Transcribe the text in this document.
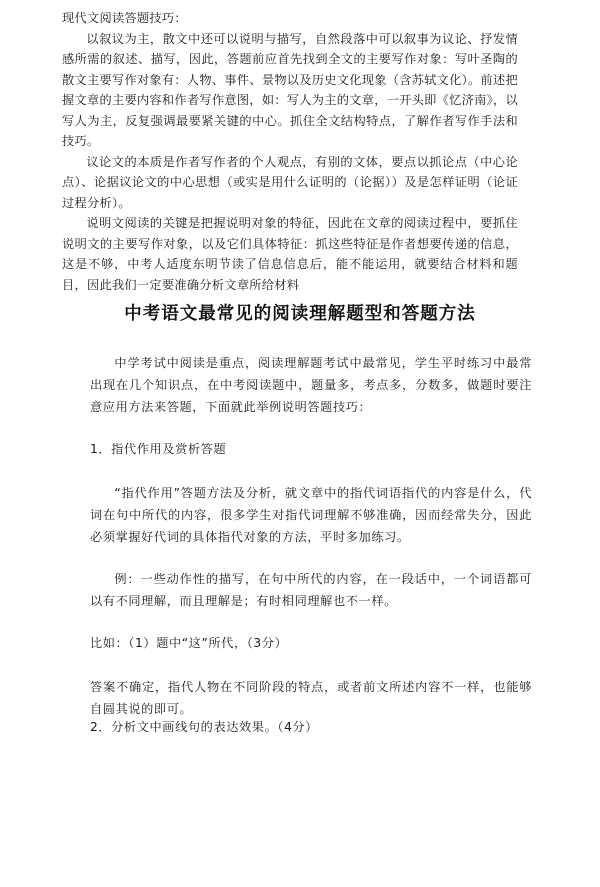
现代文阅读答题技巧：

以叙议为主，散文中还可以说明与描写，自然段落中可以叙事为议论、抒发情感所需的叙述、描写，因此，答题前应首先找到全文的主要写作对象：写叶圣陶的散文主要写作对象有：人物、事件、景物以及历史文化现象（含苏轼文化）。前述把握文章的主要内容和作者写作意图，如：写人为主的文章，一开头即《忆济南》，以写人为主，反复强调最要紧关键的中心。抓住全文结构特点，了解作者写作手法和技巧。

议论文的本质是作者写作者的个人观点，有别的文体，要点以抓论点（中心论点）、论据议论文的中心思想（或实是用什么证明的（论据））及是怎样证明（论证过程分析）。

说明文阅读的关键是把握说明对象的特征，因此在文章的阅读过程中，要抓住说明文的主要写作对象，以及它们具体特征：抓这些特征是作者想要传递的信息，这是不够，中考人适度东明节读了信息信息后，能不能运用，就要结合材料和题目，因此我们一定要准确分析文章所给材料

中考语文最常见的阅读理解题型和答题方法

中学考试中阅读是重点，阅读理解题考试中最常见，学生平时练习中最常出现在几个知识点，在中考阅读题中，题量多，考点多，分数多，做题时要注意应用方法来答题，下面就此举例说明答题技巧：

1．指代作用及赏析答题

“指代作用”答题方法及分析，就文章中的指代词语指代的内容是什么，代词在句中所代的内容，很多学生对指代词理解不够准确，因而经常失分，因此必须掌握好代词的具体指代对象的方法，平时多加练习。

例：一些动作性的描写，在句中所代的内容，在一段话中，一个词语都可以有不同理解，而且理解是；有时相同理解也不一样。

比如：（1）题中“这”所代，（3分）

答案不确定，指代人物在不同阶段的特点，或者前文所述内容不一样，也能够自圆其说的即可。

2．分析文中画线句的表达效果。（4分）
